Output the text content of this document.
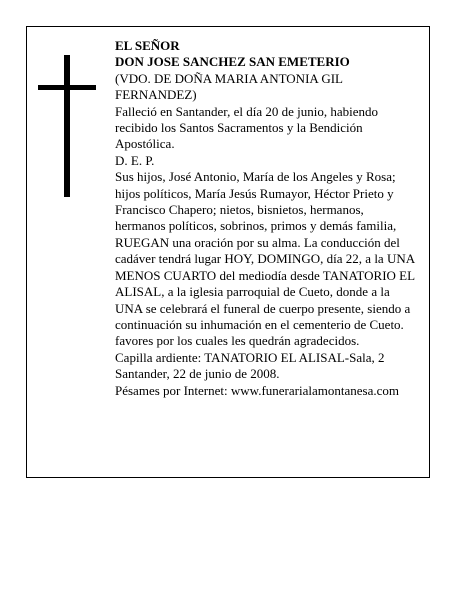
EL SEÑOR

DON JOSE SANCHEZ SAN EMETERIO

(VDO. DE DOÑA MARIA ANTONIA GIL FERNANDEZ)

Falleció en Santander, el día 20 de junio, habiendo recibido los Santos Sacramentos y la Bendición Apostólica.

D. E. P.

Sus hijos, José Antonio, María de los Angeles y Rosa; hijos políticos, María Jesús Rumayor, Héctor Prieto y Francisco Chapero; nietos, bisnietos, hermanos, hermanos políticos, sobrinos, primos y demás familia, RUEGAN una oración por su alma. La conducción del cadáver tendrá lugar HOY, DOMINGO, día 22, a la UNA MENOS CUARTO del mediodía desde TANATORIO EL ALISAL, a la iglesia parroquial de Cueto, donde a la UNA se celebrará el funeral de cuerpo presente, siendo a continuación su inhumación en el cementerio de Cueto. favores por los cuales les quedrán agradecidos.

Capilla ardiente: TANATORIO EL ALISAL-Sala, 2

Santander, 22 de junio de 2008.

Pésames por Internet: www.funerarialamontanesa.com
